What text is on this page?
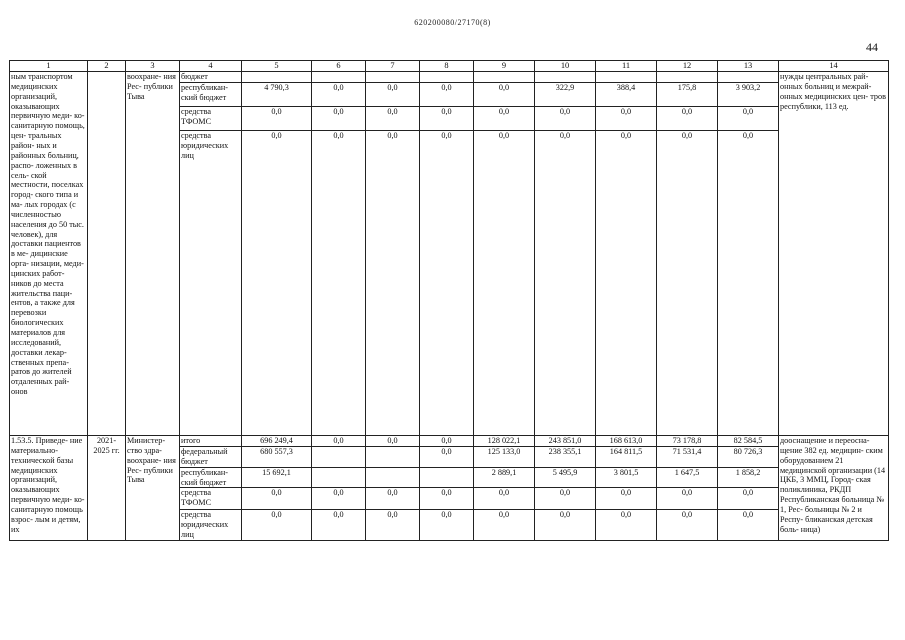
620200080/27170(8)
44
1	2	3	4	5	6	7	8	9	10	11	12	13	14
ным транспортом медицинских организаций, оказывающих первичную меди- ко-санитарную помощь, цен- тральных район- ных и районных больниц, распо- ложенных в сель- ской местности, поселках город- ского типа и ма- лых городах (с численностью населения до 50 тыс. человек), для доставки пациентов в ме- дицинские орга- низации, меди- цинских работ- ников до места жительства паци- ентов, а также для перевозки биологических материалов для исследований, доставки лекар- ственных препа- ратов до жителей отдаленных рай- онов		воохране- ния Рес- публики Тыва	бюджет										нужды центральных рай- онных больниц и межрай- онных медицинских цен- тров республики, 113 ед.
			республикан- ский бюджет	4 790,3	0,0	0,0	0,0	0,0	322,9	388,4	175,8	3 903,2	
			средства ТФОМС	0,0	0,0	0,0	0,0	0,0	0,0	0,0	0,0	0,0	
			средства юридических лиц	0,0	0,0	0,0	0,0	0,0	0,0	0,0	0,0	0,0	
1.53.5. Приведе- ние материально- технической базы медицинских организаций, оказывающих первичную меди- ко-санитарную помощь взрос- лым и детям, их	2021- 2025 гг.	Министер- ство здра- воохране- ния Рес- публики Тыва	итого	696 249,4	0,0	0,0	0,0	128 022,1	243 851,0	168 613,0	73 178,8	82 584,5	дооснащение и переосна- щение 382 ед. медицин- ским оборудованием 21 медицинской организации (14 ЦКБ, 3 ММЦ, Город- ская поликлиника, РКДП Республиканская больница № 1, Рес- больницы № 2 и Респу- бликанская детская боль- ница)
			федеральный бюджет	680 557,3			0,0	125 133,0	238 355,1	164 811,5	71 531,4	80 726,3	
			республикан- ский бюджет	15 692,1				2 889,1	5 495,9	3 801,5	1 647,5	1 858,2	
			средства ТФОМС	0,0	0,0	0,0	0,0	0,0	0,0	0,0	0,0	0,0	
			средства юридических лиц	0,0	0,0	0,0	0,0	0,0	0,0	0,0	0,0	0,0	
